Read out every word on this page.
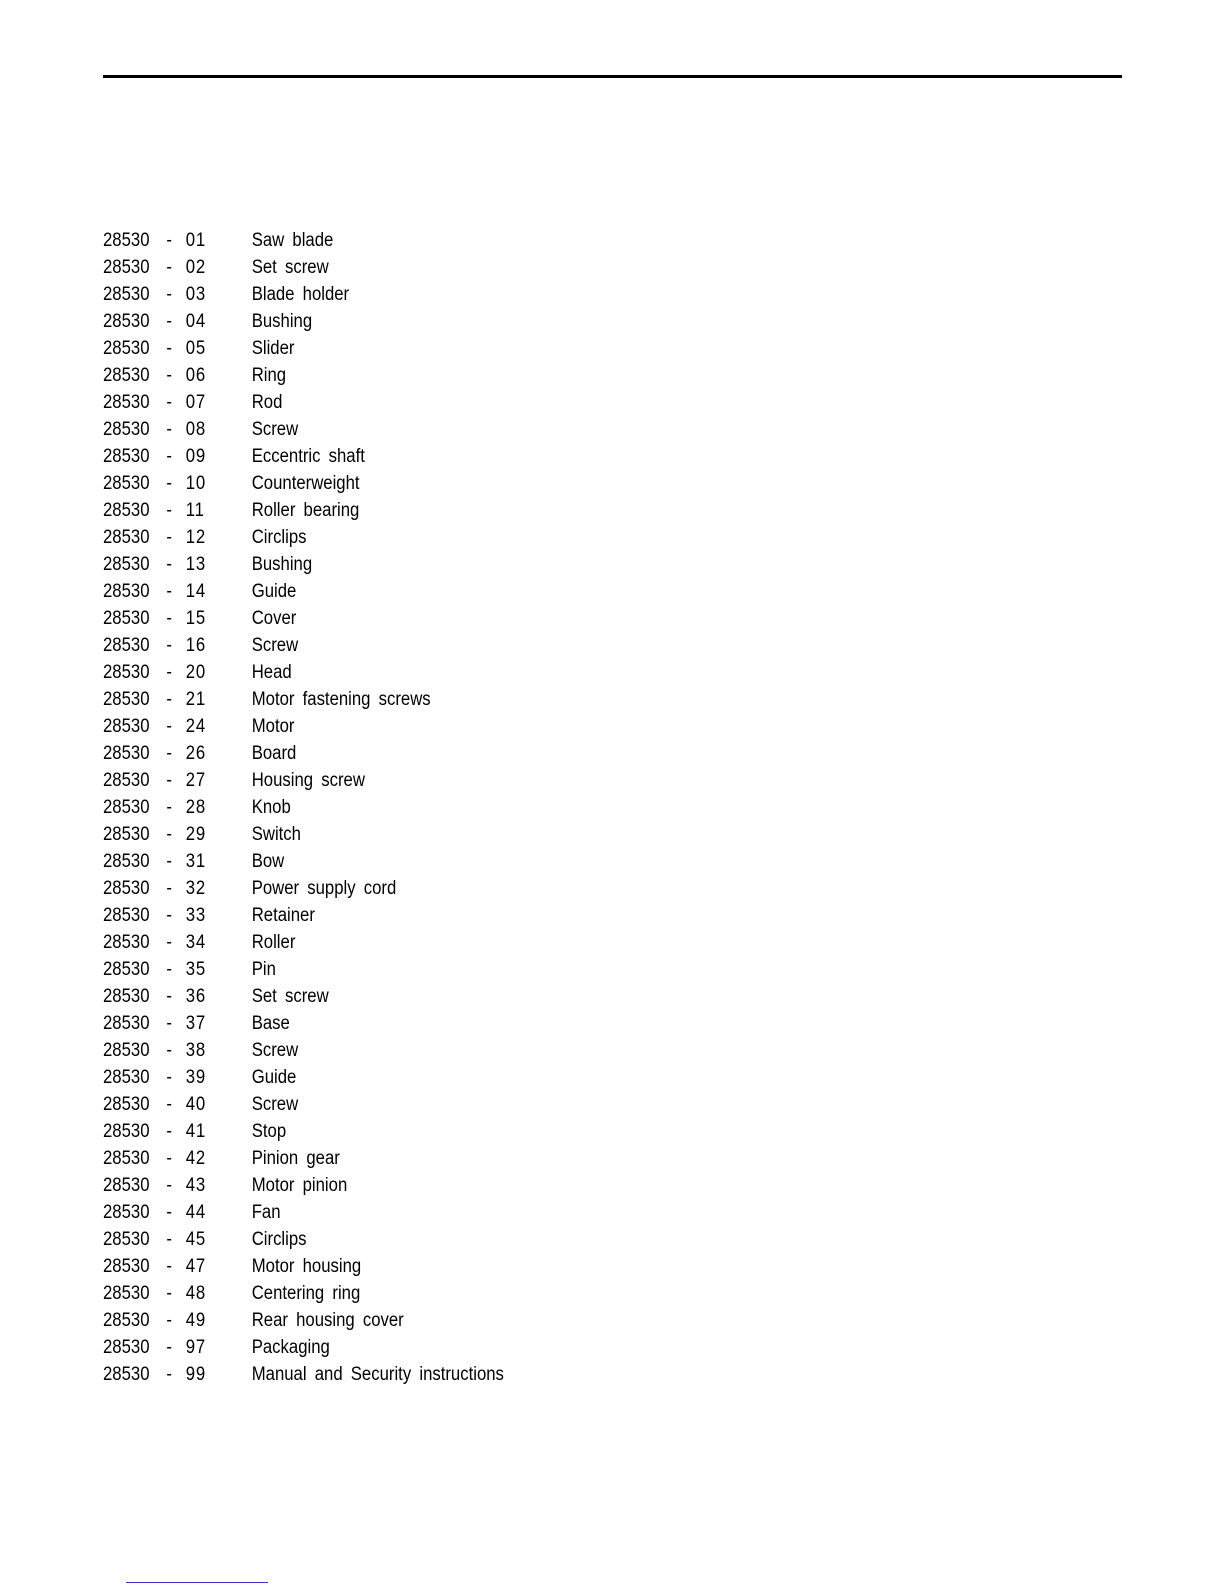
28530 - 01	Saw blade
28530 - 02	Set screw
28530 - 03	Blade holder
28530 - 04	Bushing
28530 - 05	Slider
28530 - 06	Ring
28530 - 07	Rod
28530 - 08	Screw
28530 - 09	Eccentric shaft
28530 - 10	Counterweight
28530 - 11	Roller bearing
28530 - 12	Circlips
28530 - 13	Bushing
28530 - 14	Guide
28530 - 15	Cover
28530 - 16	Screw
28530 - 20	Head
28530 - 21	Motor fastening screws
28530 - 24	Motor
28530 - 26	Board
28530 - 27	Housing screw
28530 - 28	Knob
28530 - 29	Switch
28530 - 31	Bow
28530 - 32	Power supply cord
28530 - 33	Retainer
28530 - 34	Roller
28530 - 35	Pin
28530 - 36	Set screw
28530 - 37	Base
28530 - 38	Screw
28530 - 39	Guide
28530 - 40	Screw
28530 - 41	Stop
28530 - 42	Pinion gear
28530 - 43	Motor pinion
28530 - 44	Fan
28530 - 45	Circlips
28530 - 47	Motor housing
28530 - 48	Centering ring
28530 - 49	Rear housing cover
28530 - 97	Packaging
28530 - 99	Manual and Security instructions
